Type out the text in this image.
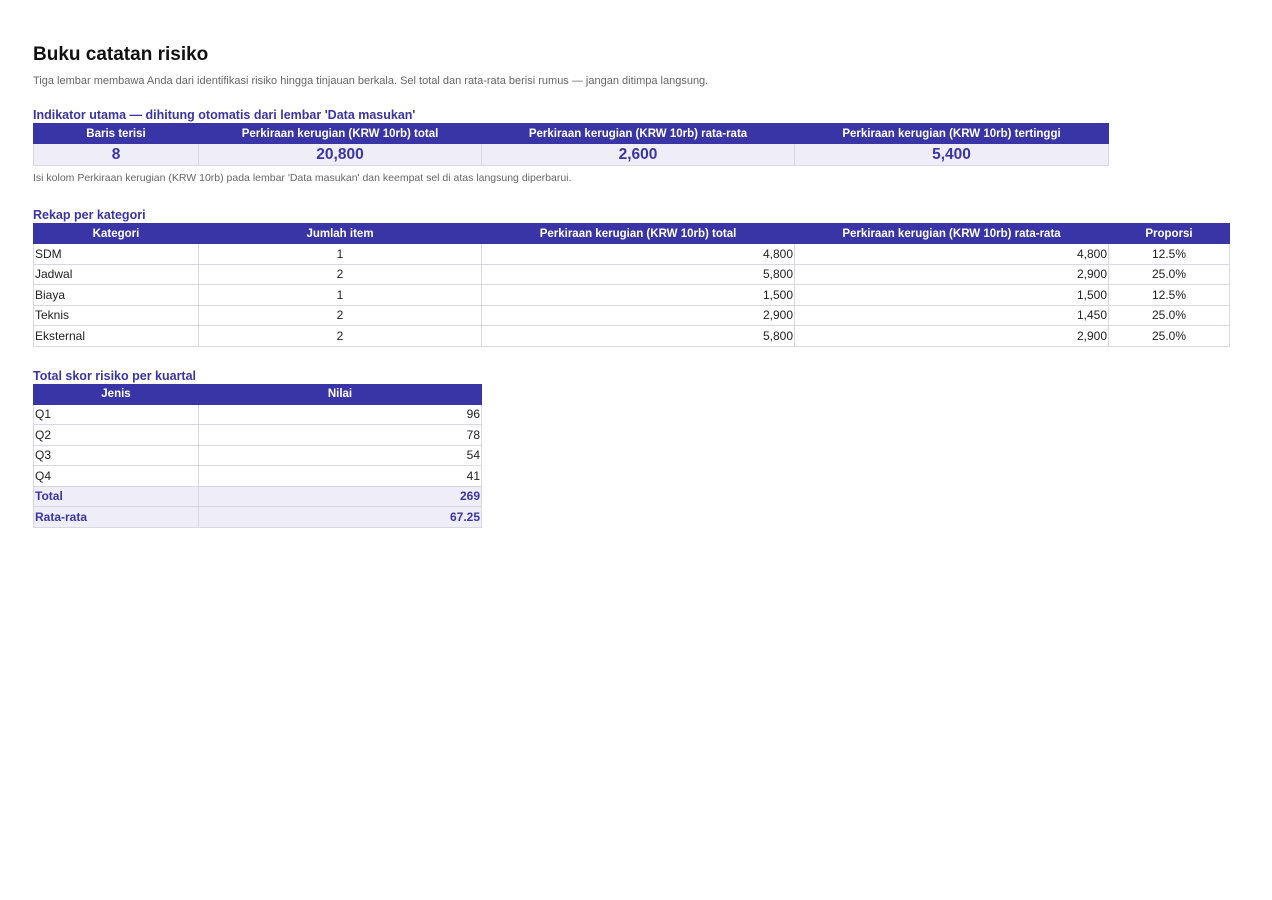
Buku catatan risiko
Tiga lembar membawa Anda dari identifikasi risiko hingga tinjauan berkala. Sel total dan rata-rata berisi rumus — jangan ditimpa langsung.
Indikator utama — dihitung otomatis dari lembar 'Data masukan'
Baris terisi	Perkiraan kerugian (KRW 10rb) total	Perkiraan kerugian (KRW 10rb) rata-rata	Perkiraan kerugian (KRW 10rb) tertinggi
8	20,800	2,600	5,400
Isi kolom Perkiraan kerugian (KRW 10rb) pada lembar 'Data masukan' dan keempat sel di atas langsung diperbarui.
Rekap per kategori
Kategori	Jumlah item	Perkiraan kerugian (KRW 10rb) total	Perkiraan kerugian (KRW 10rb) rata-rata	Proporsi
SDM	1	4,800	4,800	12.5%
Jadwal	2	5,800	2,900	25.0%
Biaya	1	1,500	1,500	12.5%
Teknis	2	2,900	1,450	25.0%
Eksternal	2	5,800	2,900	25.0%
Total skor risiko per kuartal
Jenis	Nilai
Q1	96
Q2	78
Q3	54
Q4	41
Total	269
Rata-rata	67.25
